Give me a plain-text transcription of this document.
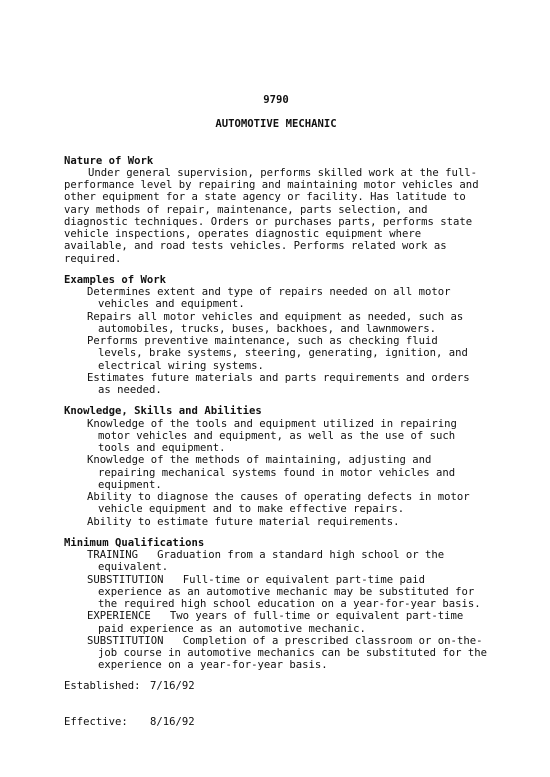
9790
AUTOMOTIVE MECHANIC
Nature of Work
Under general supervision, performs skilled work at the full-performance level by repairing and maintaining motor vehicles and other equipment for a state agency or facility. Has latitude to vary methods of repair, maintenance, parts selection, and diagnostic techniques. Orders or purchases parts, performs state vehicle inspections, operates diagnostic equipment where available, and road tests vehicles. Performs related work as required.
Examples of Work
Determines extent and type of repairs needed on all motor vehicles and equipment.
Repairs all motor vehicles and equipment as needed, such as automobiles, trucks, buses, backhoes, and lawnmowers.
Performs preventive maintenance, such as checking fluid levels, brake systems, steering, generating, ignition, and electrical wiring systems.
Estimates future materials and parts requirements and orders as needed.
Knowledge, Skills and Abilities
Knowledge of the tools and equipment utilized in repairing motor vehicles and equipment, as well as the use of such tools and equipment.
Knowledge of the methods of maintaining, adjusting and repairing mechanical systems found in motor vehicles and equipment.
Ability to diagnose the causes of operating defects in motor vehicle equipment and to make effective repairs.
Ability to estimate future material requirements.
Minimum Qualifications
TRAINING Graduation from a standard high school or the equivalent.
SUBSTITUTION Full-time or equivalent part-time paid experience as an automotive mechanic may be substituted for the required high school education on a year-for-year basis.
EXPERIENCE Two years of full-time or equivalent part-time paid experience as an automotive mechanic.
SUBSTITUTION Completion of a prescribed classroom or on-the-job course in automotive mechanics can be substituted for the experience on a year-for-year basis.

Established: 7/16/92

Effective: 8/16/92
